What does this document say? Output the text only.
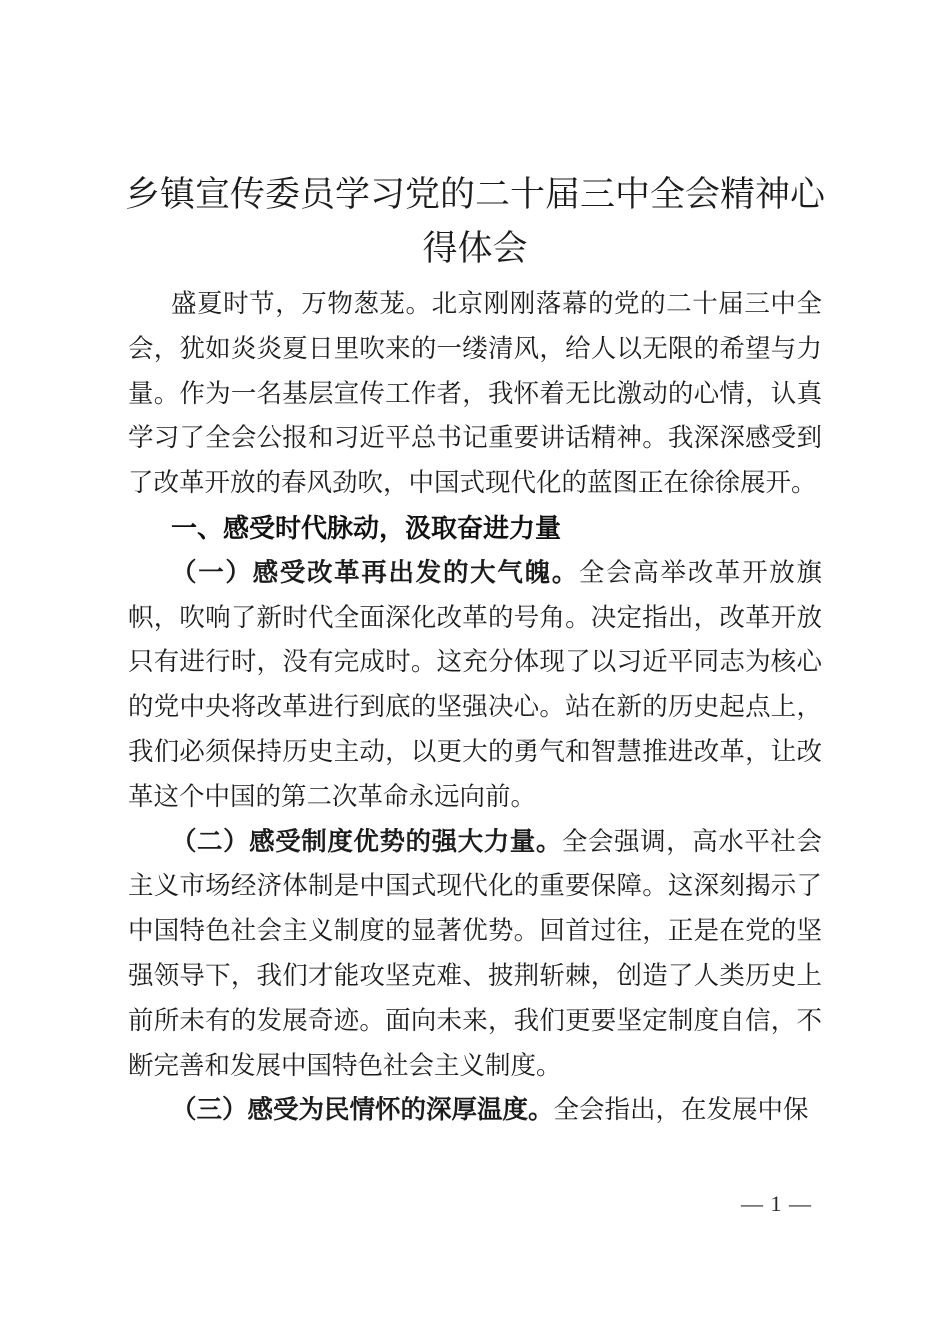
乡镇宣传委员学习党的二十届三中全会精神心得体会

盛夏时节，万物葱茏。北京刚刚落幕的党的二十届三中全会，犹如炎炎夏日里吹来的一缕清风，给人以无限的希望与力量。作为一名基层宣传工作者，我怀着无比激动的心情，认真学习了全会公报和习近平总书记重要讲话精神。我深深感受到了改革开放的春风劲吹，中国式现代化的蓝图正在徐徐展开。

一、感受时代脉动，汲取奋进力量

（一）感受改革再出发的大气魄。全会高举改革开放旗帜，吹响了新时代全面深化改革的号角。决定指出，改革开放只有进行时，没有完成时。这充分体现了以习近平同志为核心的党中央将改革进行到底的坚强决心。站在新的历史起点上，我们必须保持历史主动，以更大的勇气和智慧推进改革，让改革这个中国的第二次革命永远向前。

（二）感受制度优势的强大力量。全会强调，高水平社会主义市场经济体制是中国式现代化的重要保障。这深刻揭示了中国特色社会主义制度的显著优势。回首过往，正是在党的坚强领导下，我们才能攻坚克难、披荆斩棘，创造了人类历史上前所未有的发展奇迹。面向未来，我们更要坚定制度自信，不断完善和发展中国特色社会主义制度。

（三）感受为民情怀的深厚温度。全会指出，在发展中保

— 1 —
